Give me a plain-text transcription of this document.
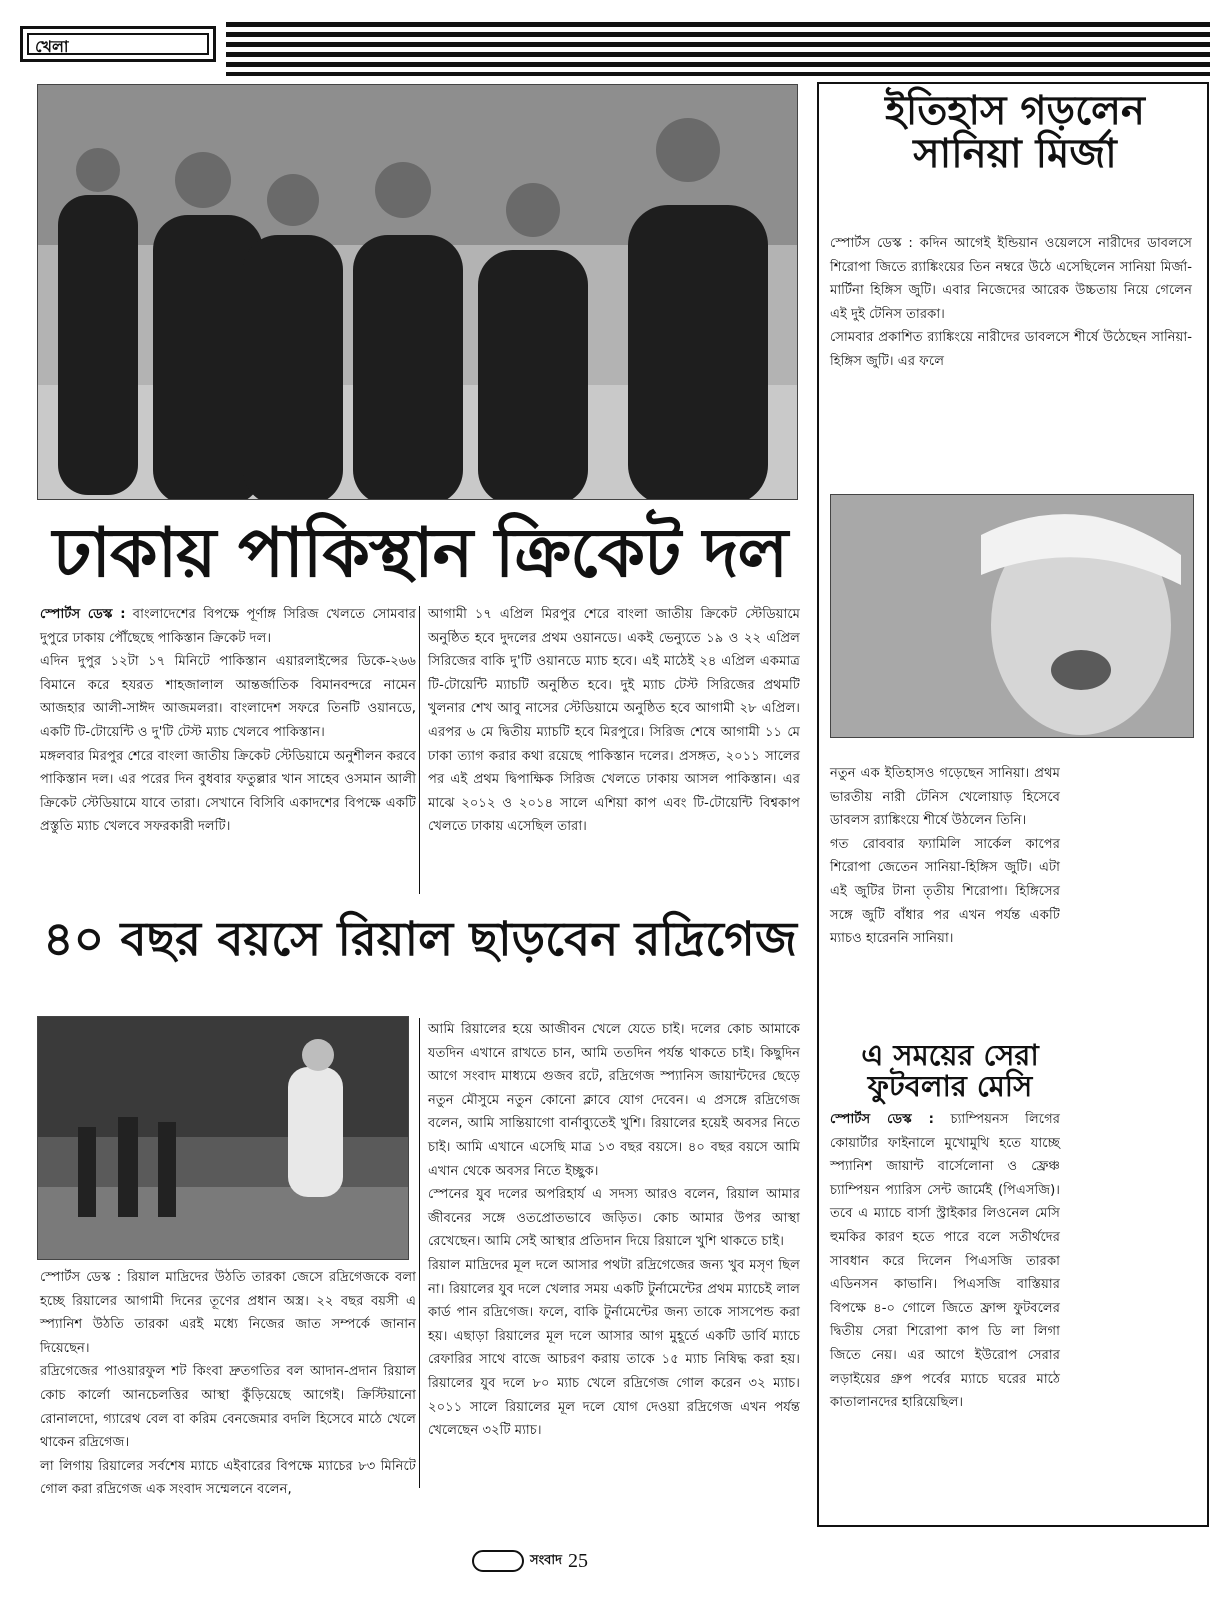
খেলা
ঢাকায় পাকিস্থান ক্রিকেট দল

স্পোর্টস ডেস্ক : বাংলাদেশের বিপক্ষে পূর্ণাঙ্গ সিরিজ খেলতে সোমবার দুপুরে ঢাকায় পৌঁছেছে পাকিস্তান ক্রিকেট দল।

এদিন দুপুর ১২টা ১৭ মিনিটে পাকিস্তান এয়ারলাইন্সের ডিকে-২৬৬ বিমানে করে হযরত শাহজালাল আন্তর্জাতিক বিমানবন্দরে নামেন আজহার আলী-সাঈদ আজমলরা। বাংলাদেশ সফরে তিনটি ওয়ানডে, একটি টি-টোয়েন্টি ও দু'টি টেস্ট ম্যাচ খেলবে পাকিস্তান।

মঙ্গলবার মিরপুর শেরে বাংলা জাতীয় ক্রিকেট স্টেডিয়ামে অনুশীলন করবে পাকিস্তান দল। এর পরের দিন বুধবার ফতুল্লার খান সাহেব ওসমান আলী ক্রিকেট স্টেডিয়ামে যাবে তারা। সেখানে বিসিবি একাদশের বিপক্ষে একটি প্রস্তুতি ম্যাচ খেলবে সফরকারী দলটি।

আগামী ১৭ এপ্রিল মিরপুর শেরে বাংলা জাতীয় ক্রিকেট স্টেডিয়ামে অনুষ্ঠিত হবে দুদলের প্রথম ওয়ানডে। একই ভেন্যুতে ১৯ ও ২২ এপ্রিল সিরিজের বাকি দু'টি ওয়ানডে ম্যাচ হবে। এই মাঠেই ২৪ এপ্রিল একমাত্র টি-টোয়েন্টি ম্যাচটি অনুষ্ঠিত হবে। দুই ম্যাচ টেস্ট সিরিজের প্রথমটি খুলনার শেখ আবু নাসের স্টেডিয়ামে অনুষ্ঠিত হবে আগামী ২৮ এপ্রিল। এরপর ৬ মে দ্বিতীয় ম্যাচটি হবে মিরপুরে। সিরিজ শেষে আগামী ১১ মে ঢাকা ত্যাগ করার কথা রয়েছে পাকিস্তান দলের। প্রসঙ্গত, ২০১১ সালের পর এই প্রথম দ্বিপাক্ষিক সিরিজ খেলতে ঢাকায় আসল পাকিস্তান। এর মাঝে ২০১২ ও ২০১৪ সালে এশিয়া কাপ এবং টি-টোয়েন্টি বিশ্বকাপ খেলতে ঢাকায় এসেছিল তারা।

৪০ বছর বয়সে রিয়াল ছাড়বেন রদ্রিগেজ

স্পোর্টস ডেস্ক : রিয়াল মাদ্রিদের উঠতি তারকা জেসে রদ্রিগেজকে বলা হচ্ছে রিয়ালের আগামী দিনের তূণের প্রধান অস্ত্র। ২২ বছর বয়সী এ স্প্যানিশ উঠতি তারকা এরই মধ্যে নিজের জাত সম্পর্কে জানান দিয়েছেন।

রদ্রিগেজের পাওয়ারফুল শট কিংবা দ্রুতগতির বল আদান-প্রদান রিয়াল কোচ কার্লো আনচেলত্তির আস্থা কুঁড়িয়েছে আগেই। ক্রিস্টিয়ানো রোনালদো, গ্যারেথ বেল বা করিম বেনজেমার বদলি হিসেবে মাঠে খেলে থাকেন রদ্রিগেজ।

লা লিগায় রিয়ালের সর্বশেষ ম্যাচে এইবারের বিপক্ষে ম্যাচের ৮৩ মিনিটে গোল করা রদ্রিগেজ এক সংবাদ সম্মেলনে বলেন,

আমি রিয়ালের হয়ে আজীবন খেলে যেতে চাই। দলের কোচ আমাকে যতদিন এখানে রাখতে চান, আমি ততদিন পর্যন্ত থাকতে চাই। কিছুদিন আগে সংবাদ মাধ্যমে গুজব রটে, রদ্রিগেজ স্প্যানিস জায়ান্টদের ছেড়ে নতুন মৌসুমে নতুন কোনো ক্লাবে যোগ দেবেন। এ প্রসঙ্গে রদ্রিগেজ বলেন, আমি সান্তিয়াগো বার্নাব্যুতেই খুশি। রিয়ালের হয়েই অবসর নিতে চাই। আমি এখানে এসেছি মাত্র ১৩ বছর বয়সে। ৪০ বছর বয়সে আমি এখান থেকে অবসর নিতে ইচ্ছুক।

স্পেনের যুব দলের অপরিহার্য এ সদস্য আরও বলেন, রিয়াল আমার জীবনের সঙ্গে ওতপ্রোতভাবে জড়িত। কোচ আমার উপর আস্থা রেখেছেন। আমি সেই আস্থার প্রতিদান দিয়ে রিয়ালে খুশি থাকতে চাই।

রিয়াল মাদ্রিদের মূল দলে আসার পথটা রদ্রিগেজের জন্য খুব মসৃণ ছিল না। রিয়ালের যুব দলে খেলার সময় একটি টুর্নামেন্টের প্রথম ম্যাচেই লাল কার্ড পান রদ্রিগেজ। ফলে, বাকি টুর্নামেন্টের জন্য তাকে সাসপেন্ড করা হয়। এছাড়া রিয়ালের মূল দলে আসার আগ মুহূর্তে একটি ডার্বি ম্যাচে রেফারির সাথে বাজে আচরণ করায় তাকে ১৫ ম্যাচ নিষিদ্ধ করা হয়। রিয়ালের যুব দলে ৮০ ম্যাচ খেলে রদ্রিগেজ গোল করেন ৩২ ম্যাচ। ২০১১ সালে রিয়ালের মূল দলে যোগ দেওয়া রদ্রিগেজ এখন পর্যন্ত খেলেছেন ৩২টি ম্যাচ।

ইতিহাস গড়লেন সানিয়া মির্জা

স্পোর্টস ডেস্ক : কদিন আগেই ইন্ডিয়ান ওয়েলসে নারীদের ডাবলসে শিরোপা জিতে র‍্যাঙ্কিংয়ের তিন নম্বরে উঠে এসেছিলেন সানিয়া মির্জা-মার্টিনা হিঙ্গিস জুটি। এবার নিজেদের আরেক উচ্চতায় নিয়ে গেলেন এই দুই টেনিস তারকা।

সোমবার প্রকাশিত র‍্যাঙ্কিংয়ে নারীদের ডাবলসে শীর্ষে উঠেছেন সানিয়া-হিঙ্গিস জুটি। এর ফলে

নতুন এক ইতিহাসও গড়েছেন সানিয়া। প্রথম ভারতীয় নারী টেনিস খেলোয়াড় হিসেবে ডাবলস র‍্যাঙ্কিংয়ে শীর্ষে উঠলেন তিনি।

গত রোববার ফ্যামিলি সার্কেল কাপের শিরোপা জেতেন সানিয়া-হিঙ্গিস জুটি। এটা এই জুটির টানা তৃতীয় শিরোপা। হিঙ্গিসের সঙ্গে জুটি বাঁধার পর এখন পর্যন্ত একটি ম্যাচও হারেননি সানিয়া।

এ সময়ের সেরা ফুটবলার মেসি

স্পোর্টস ডেস্ক : চ্যাম্পিয়নস লিগের কোয়ার্টার ফাইনালে মুখোমুখি হতে যাচ্ছে স্প্যানিশ জায়ান্ট বার্সেলোনা ও ফ্রেঞ্চ চ্যাম্পিয়ন প্যারিস সেন্ট জার্মেই (পিএসজি)। তবে এ ম্যাচে বার্সা স্ট্রাইকার লিওনেল মেসি হুমকির কারণ হতে পারে বলে সতীর্থদের সাবধান করে দিলেন পিএসজি তারকা এডিনসন কাভানি। পিএসজি বাস্তিয়ার বিপক্ষে ৪-০ গোলে জিতে ফ্রান্স ফুটবলের দ্বিতীয় সেরা শিরোপা কাপ ডি লা লিগা জিতে নেয়। এর আগে ইউরোপ সেরার লড়াইয়ের গ্রুপ পর্বের ম্যাচে ঘরের মাঠে কাতালানদের হারিয়েছিল।

সংবাদ 25
